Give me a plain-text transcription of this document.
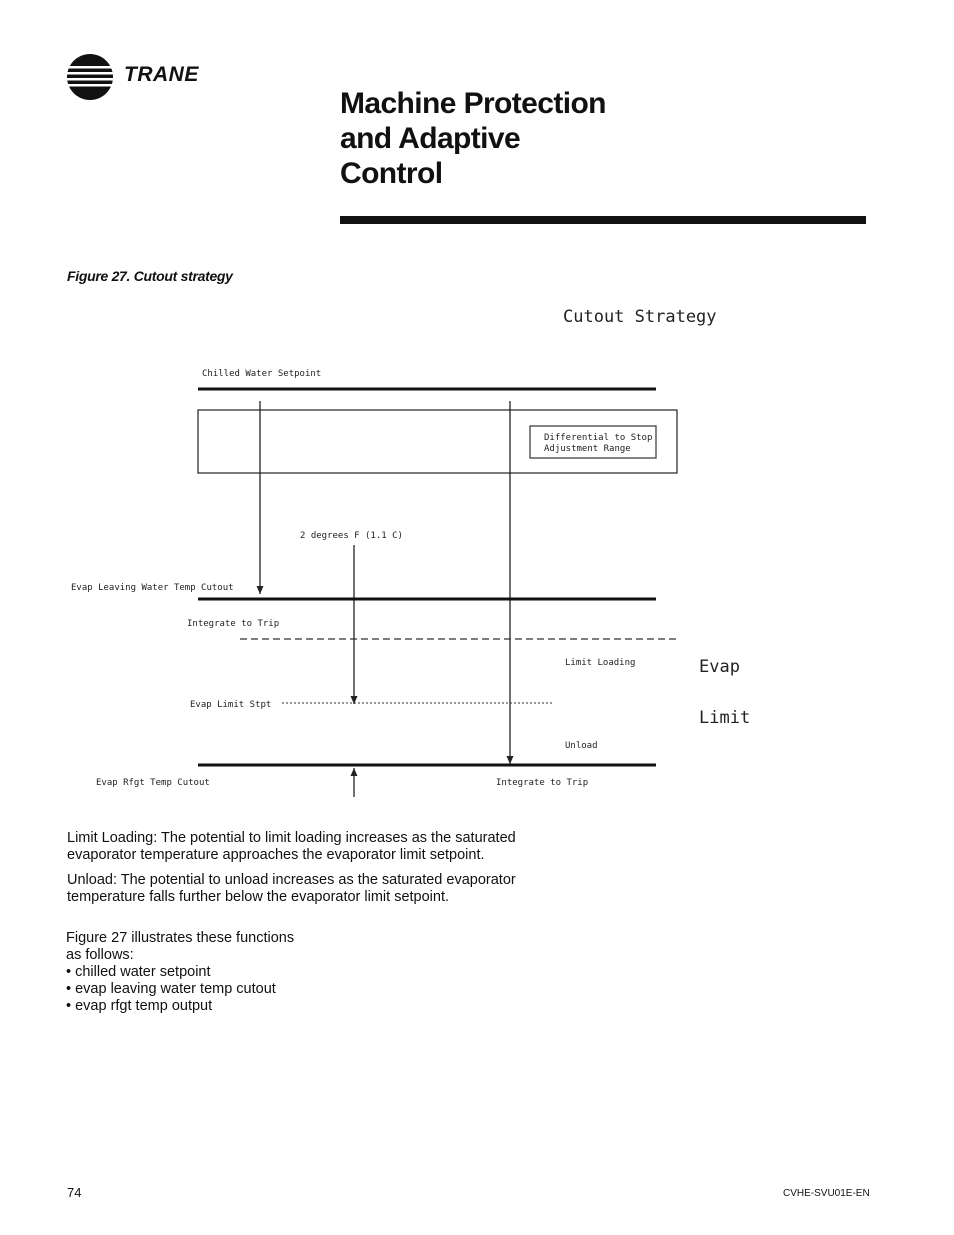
TRANE
Machine Protection
and Adaptive
Control
Figure 27. Cutout strategy
Cutout Strategy
Chilled Water Setpoint
Differential to Stop
Adjustment Range
2 degrees F (1.1 C)
Evap Leaving Water Temp Cutout
Integrate to Trip
Limit Loading	Evap
Evap Limit Stpt
Limit
Unload
Evap Rfgt Temp Cutout	Integrate to Trip

Limit Loading: The potential to limit loading increases as the saturated evaporator temperature approaches the evaporator limit setpoint.

Unload: The potential to unload increases as the saturated evaporator temperature falls further below the evaporator limit setpoint.

Figure 27 illustrates these functions
as follows:
• chilled water setpoint
• evap leaving water temp cutout
• evap rfgt temp output
74	CVHE-SVU01E-EN
